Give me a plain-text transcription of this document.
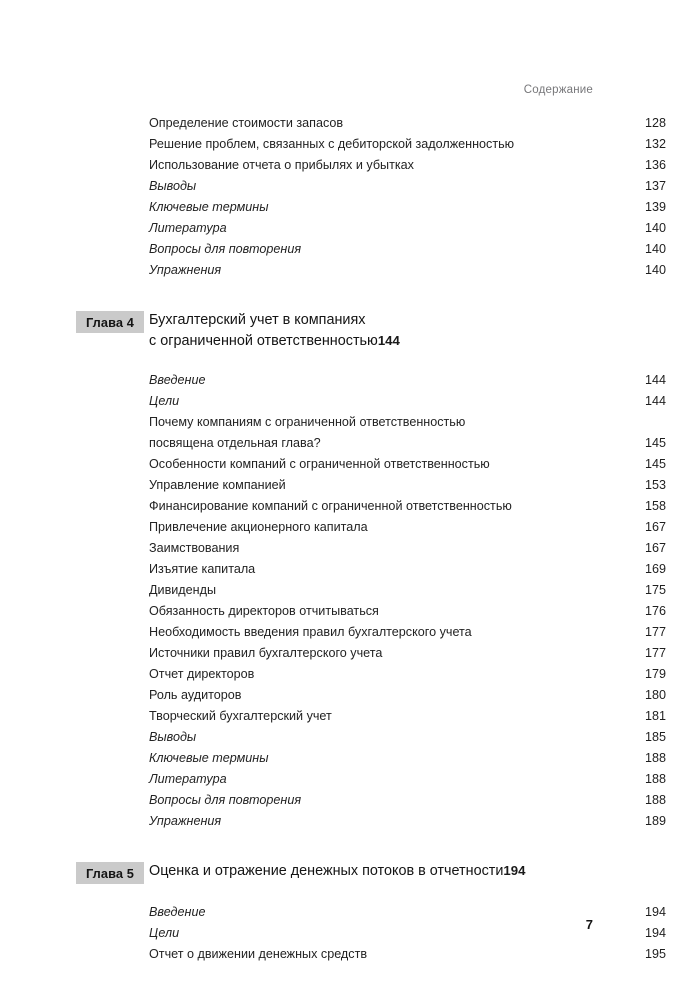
Содержание
Определение стоимости запасов .....	128
Решение проблем, связанных с дебиторской задолженностью .....	132
Использование отчета о прибылях и убытках .....	136
Выводы .....	137
Ключевые термины .....	139
Литература .....	140
Вопросы для повторения .....	140
Упражнения .....	140
Глава 4	Бухгалтерский учет в компаниях
с ограниченной ответственностью 144
Введение .....	144
Цели .....	144
Почему компаниям с ограниченной ответственностью
посвящена отдельная глава? .....	145
Особенности компаний с ограниченной ответственностью .....	145
Управление компанией .....	153
Финансирование компаний с ограниченной ответственностью .....	158
Привлечение акционерного капитала .....	167
Заимствования .....	167
Изъятие капитала .....	169
Дивиденды .....	175
Обязанность директоров отчитываться .....	176
Необходимость введения правил бухгалтерского учета .....	177
Источники правил бухгалтерского учета .....	177
Отчет директоров .....	179
Роль аудиторов .....	180
Творческий бухгалтерский учет .....	181
Выводы .....	185
Ключевые термины .....	188
Литература .....	188
Вопросы для повторения .....	188
Упражнения .....	189
Глава 5	Оценка и отражение денежных потоков в отчетности 194
Введение .....	194
Цели .....	194
Отчет о движении денежных средств .....	195
7
